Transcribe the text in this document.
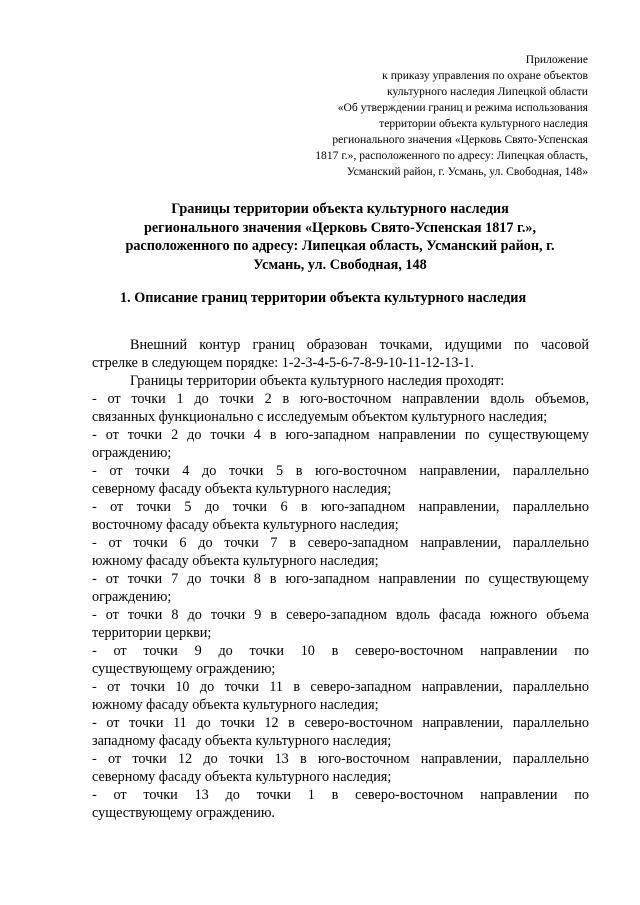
Приложение
к приказу управления по охране объектов
культурного наследия Липецкой области
«Об утверждении границ и режима использования
территории объекта культурного наследия
регионального значения «Церковь Свято-Успенская
1817 г.», расположенного по адресу: Липецкая область,
Усманский район, г. Усмань, ул. Свободная, 148»
Границы территории объекта культурного наследия
регионального значения «Церковь Свято-Успенская 1817 г.»,
расположенного по адресу: Липецкая область, Усманский район, г.
Усмань, ул. Свободная, 148
1. Описание границ территории объекта культурного наследия
Внешний контур границ образован точками, идущими по часовой
стрелке в следующем порядке: 1-2-3-4-5-6-7-8-9-10-11-12-13-1.
Границы территории объекта культурного наследия проходят:
- от точки 1 до точки 2 в юго-восточном направлении вдоль объемов,
связанных функционально с исследуемым объектом культурного наследия;
- от точки 2 до точки 4 в юго-западном направлении по существующему
ограждению;
- от точки 4 до точки 5 в юго-восточном направлении, параллельно
северному фасаду объекта культурного наследия;
- от точки 5 до точки 6 в юго-западном направлении, параллельно
восточному фасаду объекта культурного наследия;
- от точки 6 до точки 7 в северо-западном направлении, параллельно
южному фасаду объекта культурного наследия;
- от точки 7 до точки 8 в юго-западном направлении по существующему
ограждению;
- от точки 8 до точки 9 в северо-западном вдоль фасада южного объема
территории церкви;
- от точки 9 до точки 10 в северо-восточном направлении по
существующему ограждению;
- от точки 10 до точки 11 в северо-западном направлении, параллельно
южному фасаду объекта культурного наследия;
- от точки 11 до точки 12 в северо-восточном направлении, параллельно
западному фасаду объекта культурного наследия;
- от точки 12 до точки 13 в юго-восточном направлении, параллельно
северному фасаду объекта культурного наследия;
- от точки 13 до точки 1 в северо-восточном направлении по
существующему ограждению.
